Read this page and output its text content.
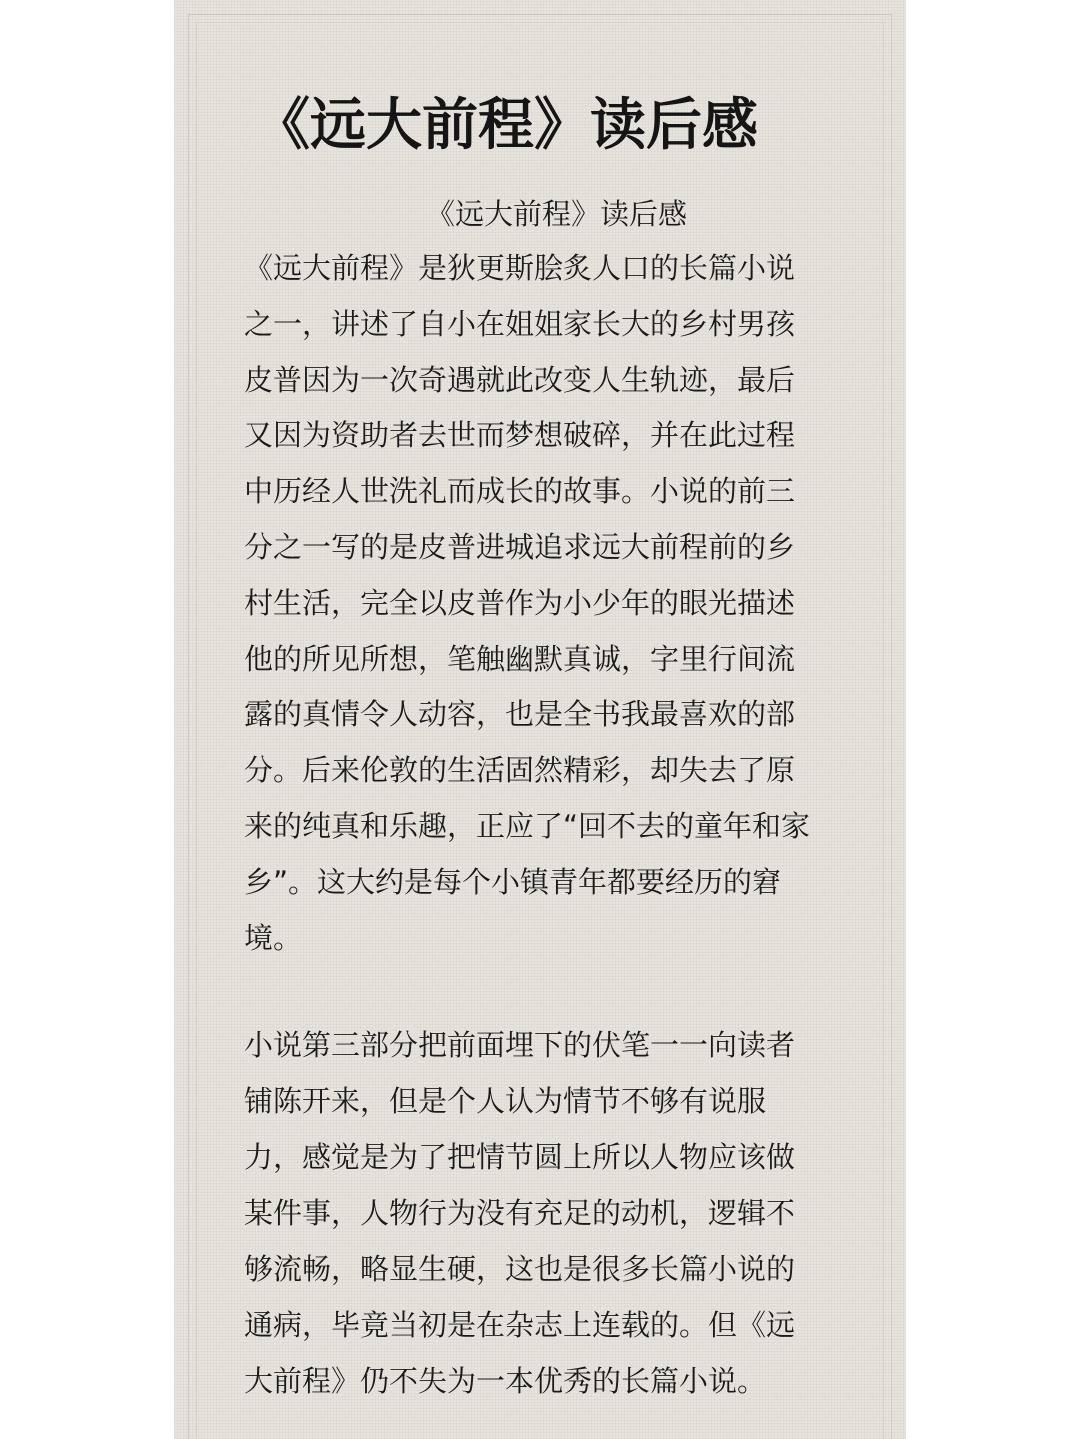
《远大前程》读后感

《远大前程》读后感

《远大前程》是狄更斯脍炙人口的长篇小说

之一，讲述了自小在姐姐家长大的乡村男孩

皮普因为一次奇遇就此改变人生轨迹，最后

又因为资助者去世而梦想破碎，并在此过程

中历经人世洗礼而成长的故事。小说的前三

分之一写的是皮普进城追求远大前程前的乡

村生活，完全以皮普作为小少年的眼光描述

他的所见所想，笔触幽默真诚，字里行间流

露的真情令人动容，也是全书我最喜欢的部

分。后来伦敦的生活固然精彩，却失去了原

来的纯真和乐趣，正应了“回不去的童年和家

乡”。这大约是每个小镇青年都要经历的窘

境。

小说第三部分把前面埋下的伏笔一一向读者

铺陈开来，但是个人认为情节不够有说服

力，感觉是为了把情节圆上所以人物应该做

某件事，人物行为没有充足的动机，逻辑不

够流畅，略显生硬，这也是很多长篇小说的

通病，毕竟当初是在杂志上连载的。但《远

大前程》仍不失为一本优秀的长篇小说。
